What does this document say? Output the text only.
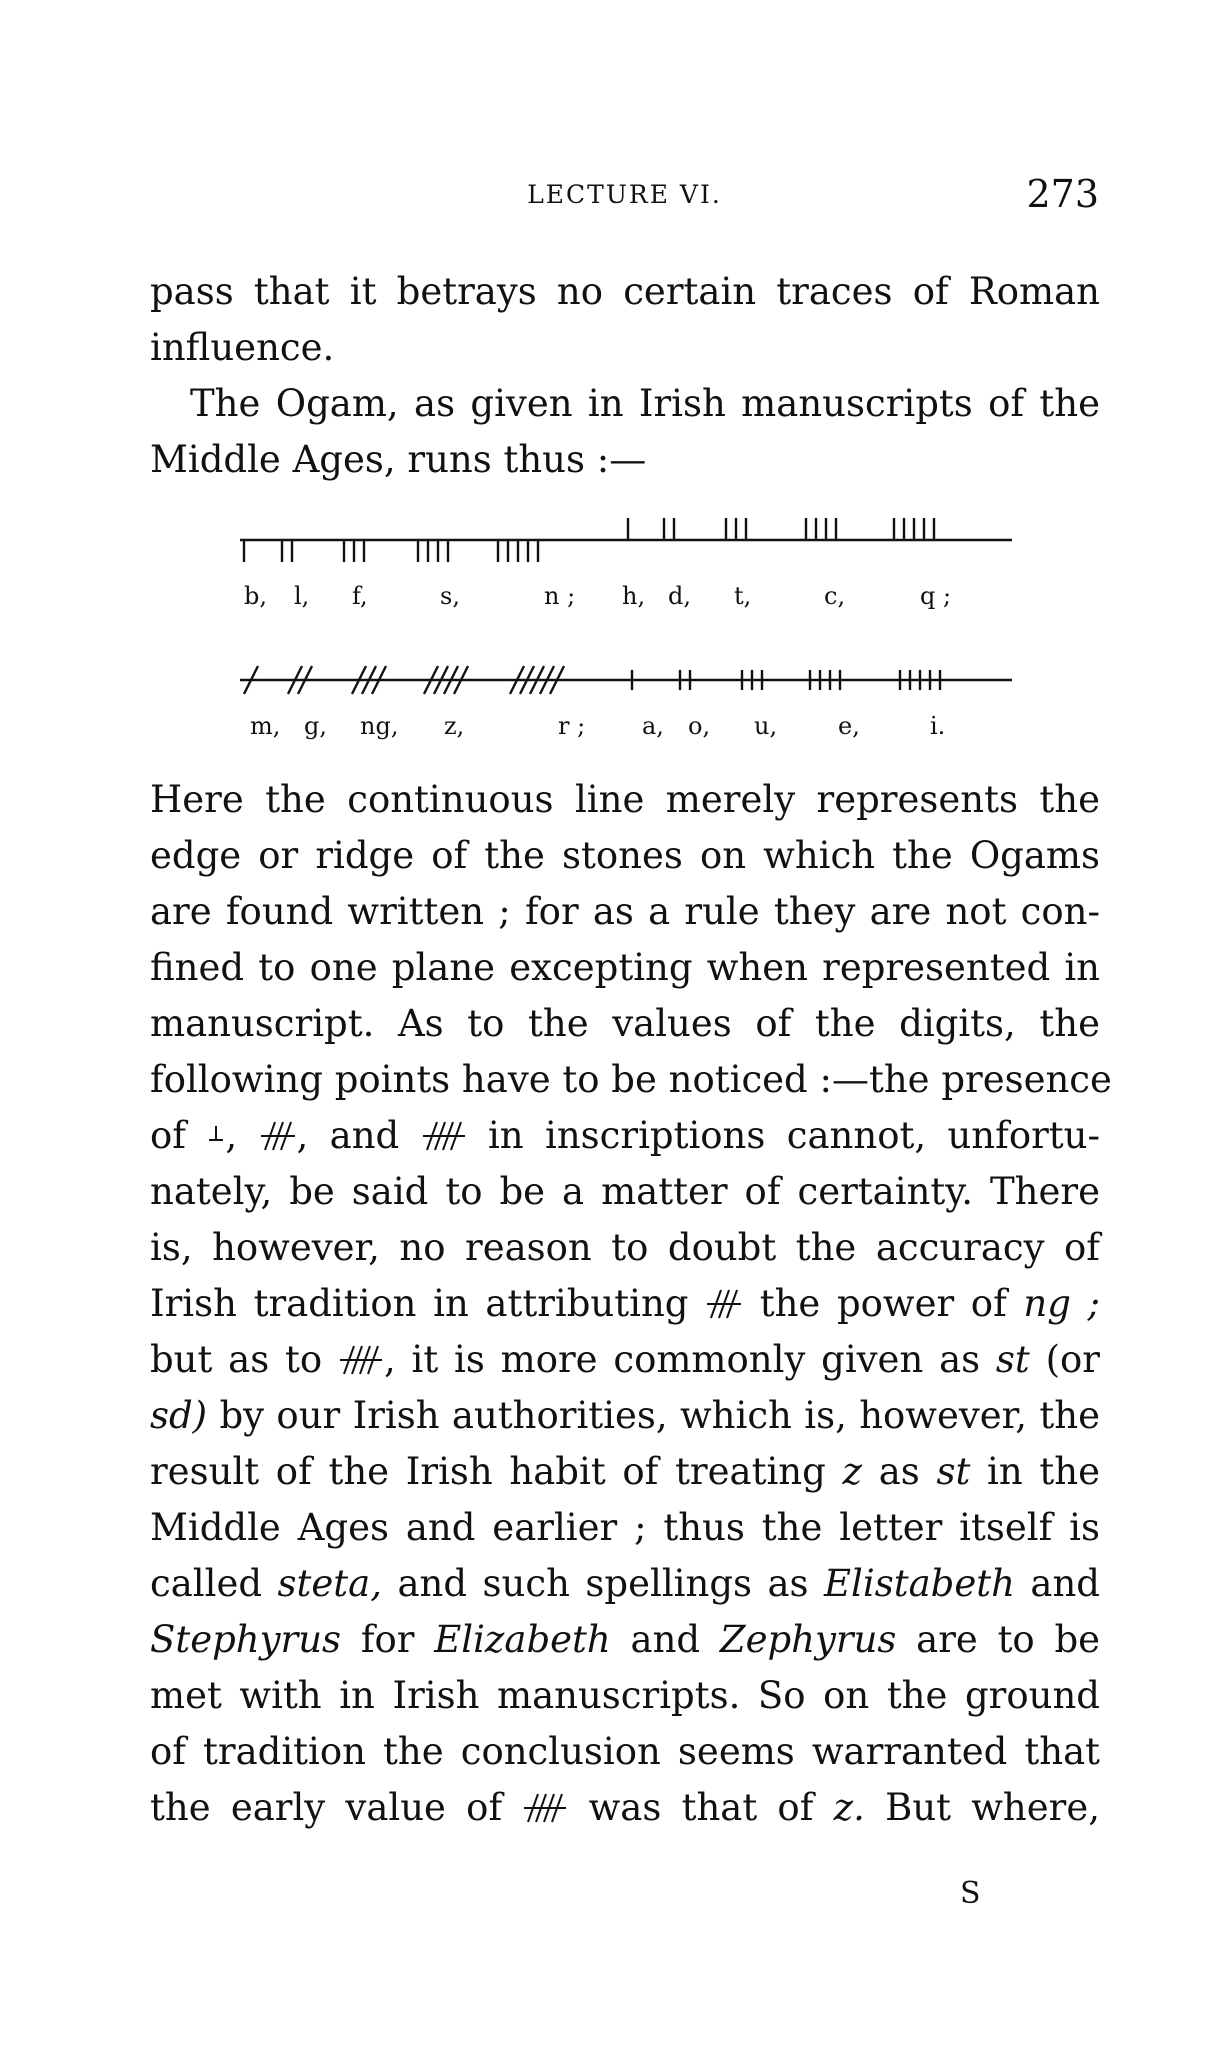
LECTURE VI.	273
pass that it betrays no certain traces of Roman
influence.
The Ogam, as given in Irish manuscripts of the
Middle Ages, runs thus :—
b, l, f,	s,	n ; h, d, t,	c,	q ;
m, g, ng, z,	r ; a, o, u,	e,	i.
Here the continuous line merely represents the
edge or ridge of the stones on which the Ogams
are found written ; for as a rule they are not con-
fined to one plane excepting when represented in
manuscript. As to the values of the digits, the
following points have to be noticed :—the presence
of , , and in inscriptions cannot, unfortu-
nately, be said to be a matter of certainty. There
is, however, no reason to doubt the accuracy of
Irish tradition in attributing the power of ng ;
but as to , it is more commonly given as st (or
sd) by our Irish authorities, which is, however, the
result of the Irish habit of treating z as st in the
Middle Ages and earlier ; thus the letter itself is
called steta, and such spellings as Elistabeth and
Stephyrus for Elizabeth and Zephyrus are to be
met with in Irish manuscripts. So on the ground
of tradition the conclusion seems warranted that
the early value of was that of z. But where,
S
